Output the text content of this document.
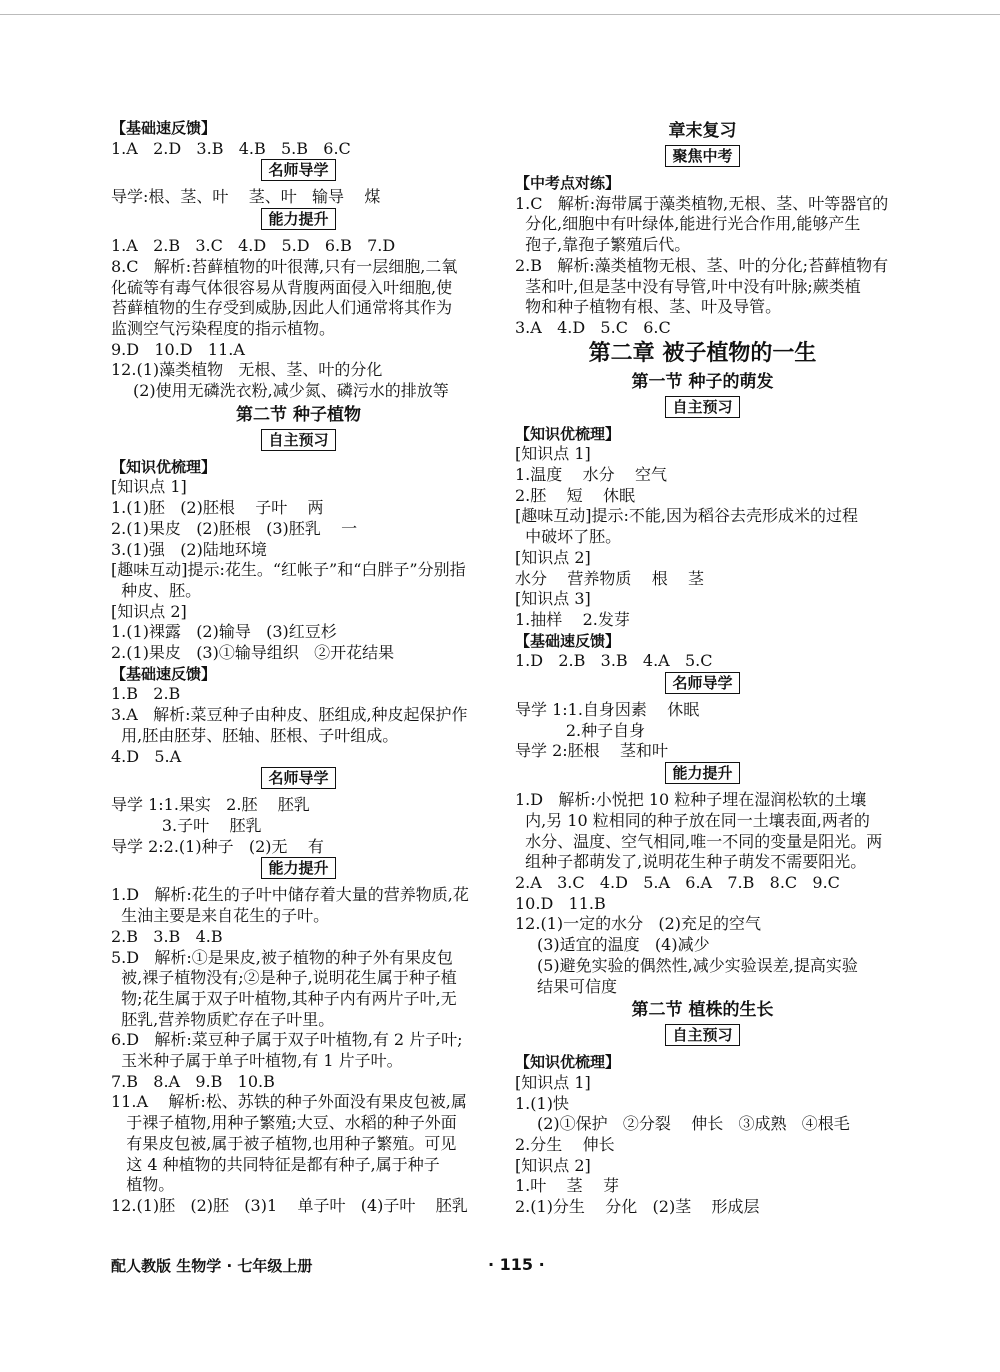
【基础速反馈】
1.A   2.D   3.B   4.B   5.B   6.C
名师导学
导学:根、茎、叶    茎、叶   输导    煤
能力提升
1.A   2.B   3.C   4.D   5.D   6.B   7.D
8.C   解析:苔藓植物的叶很薄,只有一层细胞,二氧
化硫等有毒气体很容易从背腹两面侵入叶细胞,使
苔藓植物的生存受到威胁,因此人们通常将其作为
监测空气污染程度的指示植物。
9.D   10.D   11.A
12.(1)藻类植物   无根、茎、叶的分化
(2)使用无磷洗衣粉,减少氮、磷污水的排放等
第二节 种子植物
自主预习
【知识优梳理】
[知识点 1]
1.(1)胚   (2)胚根    子叶    两
2.(1)果皮   (2)胚根   (3)胚乳    一
3.(1)强   (2)陆地环境
[趣味互动]提示:花生。“红帐子”和“白胖子”分别指
种皮、胚。
[知识点 2]
1.(1)裸露   (2)输导   (3)红豆杉
2.(1)果皮   (3)①输导组织   ②开花结果
【基础速反馈】
1.B   2.B
3.A   解析:菜豆种子由种皮、胚组成,种皮起保护作
用,胚由胚芽、胚轴、胚根、子叶组成。
4.D   5.A
名师导学
导学 1:1.果实   2.胚    胚乳
3.子叶    胚乳
导学 2:2.(1)种子   (2)无    有
能力提升
1.D   解析:花生的子叶中储存着大量的营养物质,花
生油主要是来自花生的子叶。
2.B   3.B   4.B
5.D   解析:①是果皮,被子植物的种子外有果皮包
被,裸子植物没有;②是种子,说明花生属于种子植
物;花生属于双子叶植物,其种子内有两片子叶,无
胚乳,营养物质贮存在子叶里。
6.D   解析:菜豆种子属于双子叶植物,有 2 片子叶;
玉米种子属于单子叶植物,有 1 片子叶。
7.B   8.A   9.B   10.B
11.A    解析:松、苏铁的种子外面没有果皮包被,属
于裸子植物,用种子繁殖;大豆、水稻的种子外面
有果皮包被,属于被子植物,也用种子繁殖。可见
这 4 种植物的共同特征是都有种子,属于种子
植物。
12.(1)胚   (2)胚   (3)1    单子叶   (4)子叶    胚乳
章末复习
聚焦中考
【中考点对练】
1.C   解析:海带属于藻类植物,无根、茎、叶等器官的
分化,细胞中有叶绿体,能进行光合作用,能够产生
孢子,靠孢子繁殖后代。
2.B   解析:藻类植物无根、茎、叶的分化;苔藓植物有
茎和叶,但是茎中没有导管,叶中没有叶脉;蕨类植
物和种子植物有根、茎、叶及导管。
3.A   4.D   5.C   6.C
第二章 被子植物的一生
第一节 种子的萌发
自主预习
【知识优梳理】
[知识点 1]
1.温度    水分    空气
2.胚    短    休眠
[趣味互动]提示:不能,因为稻谷去壳形成米的过程
中破坏了胚。
[知识点 2]
水分    营养物质    根    茎
[知识点 3]
1.抽样    2.发芽
【基础速反馈】
1.D   2.B   3.B   4.A   5.C
名师导学
导学 1:1.自身因素    休眠
2.种子自身
导学 2:胚根    茎和叶
能力提升
1.D   解析:小悦把 10 粒种子埋在湿润松软的土壤
内,另 10 粒相同的种子放在同一土壤表面,两者的
水分、温度、空气相同,唯一不同的变量是阳光。两
组种子都萌发了,说明花生种子萌发不需要阳光。
2.A   3.C   4.D   5.A   6.A   7.B   8.C   9.C
10.D   11.B
12.(1)一定的水分   (2)充足的空气
(3)适宜的温度   (4)减少
(5)避免实验的偶然性,减少实验误差,提高实验
结果可信度
第二节 植株的生长
自主预习
【知识优梳理】
[知识点 1]
1.(1)快
(2)①保护   ②分裂    伸长   ③成熟   ④根毛
2.分生    伸长
[知识点 2]
1.叶    茎    芽
2.(1)分生    分化   (2)茎    形成层
配人教版 生物学 · 七年级上册	· 115 ·
